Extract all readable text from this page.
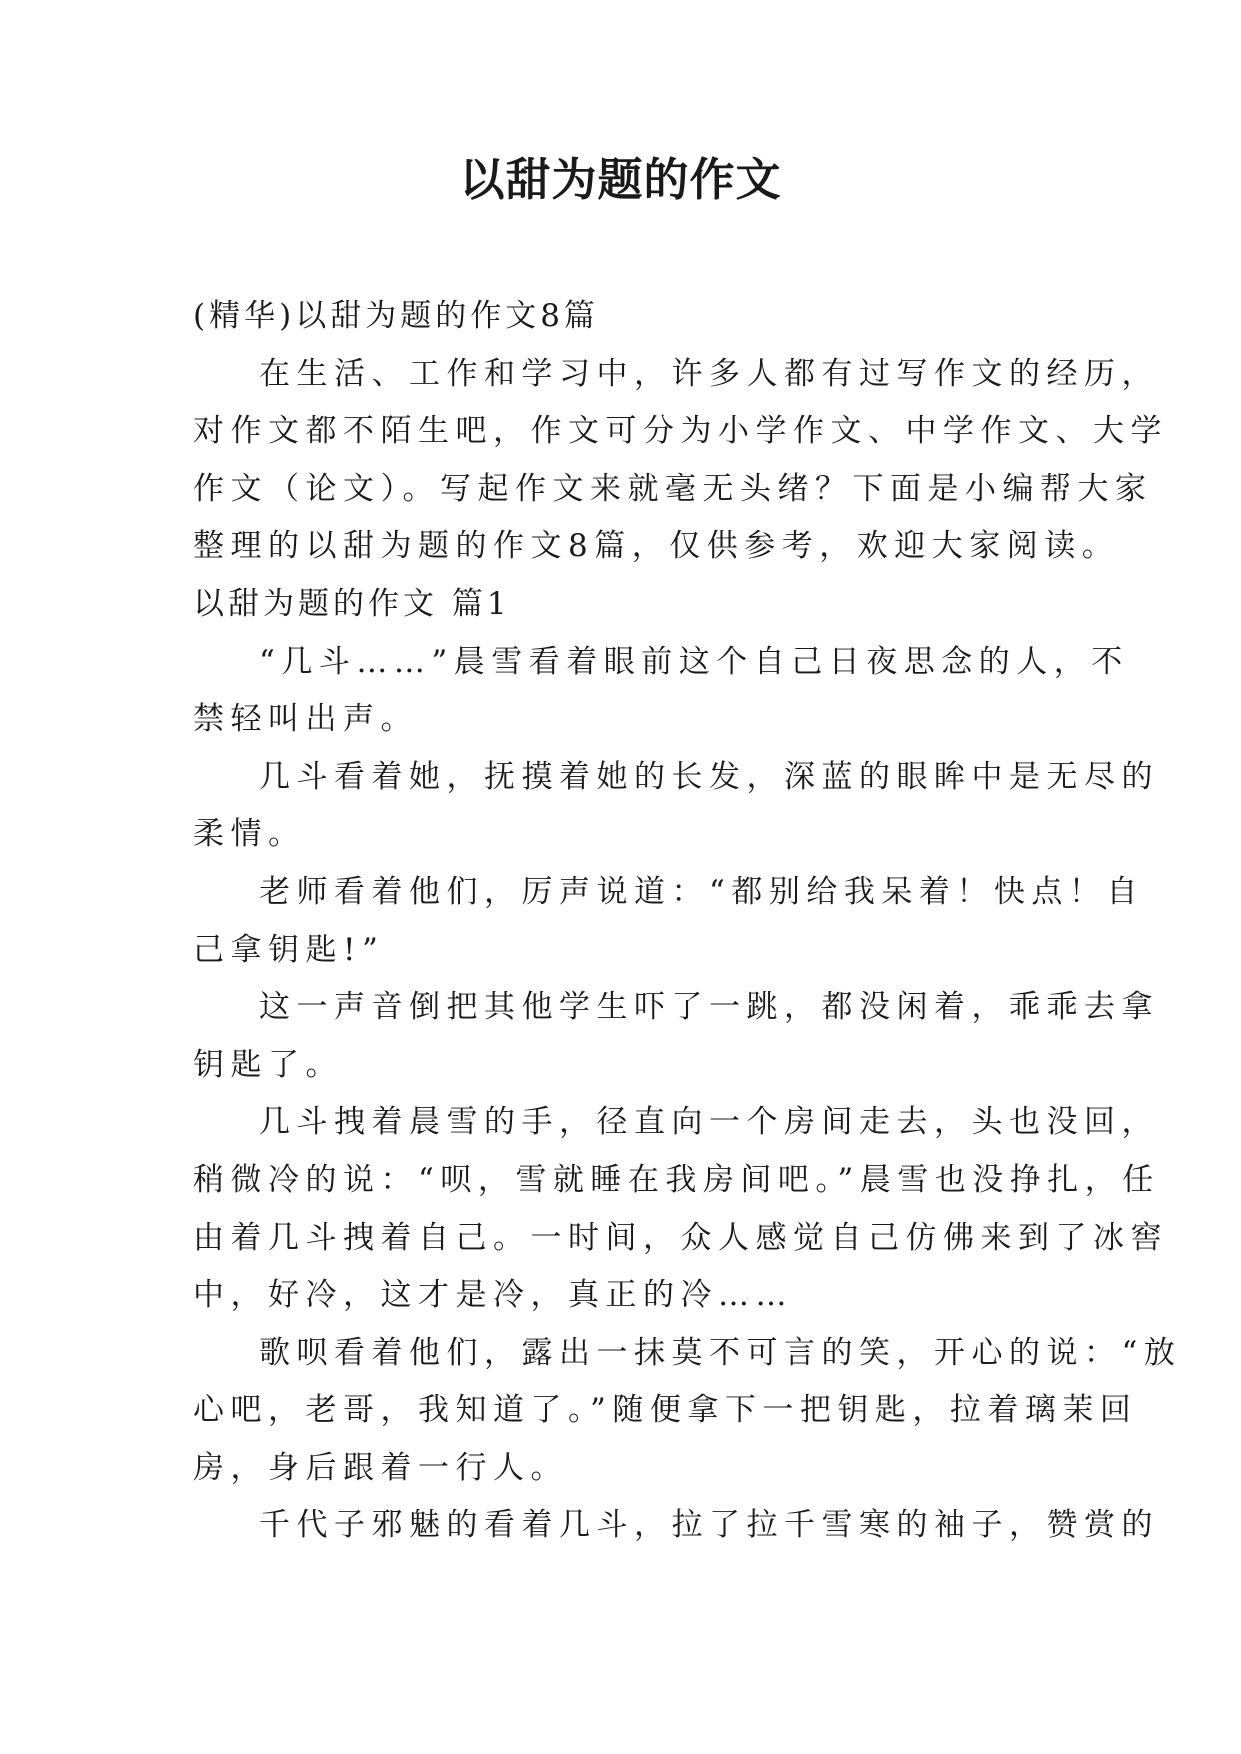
以甜为题的作文
(精华)以甜为题的作文8篇
在生活、工作和学习中，许多人都有过写作文的经历，
对作文都不陌生吧，作文可分为小学作文、中学作文、大学
作文（论文）。写起作文来就毫无头绪？下面是小编帮大家
整理的以甜为题的作文8篇，仅供参考，欢迎大家阅读。
以甜为题的作文 篇1
“几斗……”晨雪看着眼前这个自己日夜思念的人，不
禁轻叫出声。
几斗看着她，抚摸着她的长发，深蓝的眼眸中是无尽的
柔情。
老师看着他们，厉声说道：“都别给我呆着！快点！自
己拿钥匙!”
这一声音倒把其他学生吓了一跳，都没闲着，乖乖去拿
钥匙了。
几斗拽着晨雪的手，径直向一个房间走去，头也没回，
稍微冷的说：“呗，雪就睡在我房间吧。”晨雪也没挣扎，任
由着几斗拽着自己。一时间，众人感觉自己仿佛来到了冰窖
中，好冷，这才是冷，真正的冷……
歌呗看着他们，露出一抹莫不可言的笑，开心的说：“放
心吧，老哥，我知道了。”随便拿下一把钥匙，拉着璃茉回
房，身后跟着一行人。
千代子邪魅的看着几斗，拉了拉千雪寒的袖子，赞赏的
